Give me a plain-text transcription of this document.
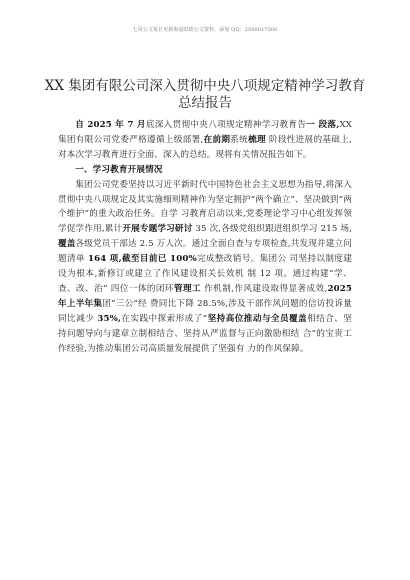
七哥公文每日更新海量时政公文资料，添加 QQ：2500017500
XX 集团有限公司深入贯彻中央八项规定精神学习教育总结报告

自 2025 年 7 月底深入贯彻中央八项规定精神学习教育告一 段落,XX 集团有限公司党委严格遵循上级部署,在前期系统梳理 阶段性进展的基础上,对本次学习教育进行全面、深入的总结。现将有关情况报告如下。

一、学习教育开展情况

集团公司党委坚持以习近平新时代中国特色社会主义思想为指导,将深入贯彻中央八项规定及其实施细则精神作为坚定拥护“两个确立”、坚决做到“两个维护”的重大政治任务。自学 习教育启动以来,党委理论学习中心组发挥领学促学作用,累计开展专题学习研讨 35 次,各级党组织跟进组织学习 215 场,覆盖各级党员干部达 2.5 万人次。通过全面自查与专项检查,共发现并建立问题清单 164 项,截至目前已 100%完成整改销号。集团公 司坚持以制度建设为根本,新修订或建立了作风建设相关长效机 制 12 项。通过构建“学、查、改、治” 四位一体的闭环管理工 作机制,作风建设取得显著成效,2025 年上半年集团“三公”经 费同比下降 28.5%,涉及干部作风问题的信访投诉量同比减少 35%,在实践中探索形成了“坚持高位推动与全员覆盖相结合、坚 持问题导向与建章立制相结合、坚持从严监督与正向激励相结 合”的宝贵工作经验,为推动集团公司高质量发展提供了坚强有 力的作风保障。
